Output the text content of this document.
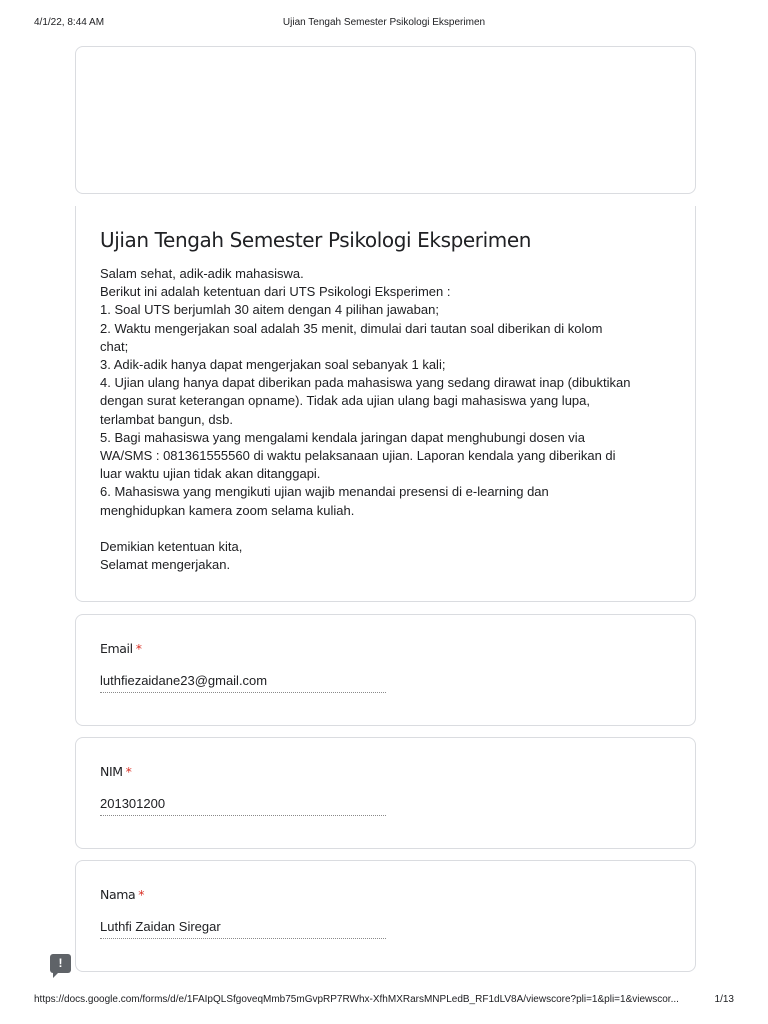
4/1/22, 8:44 AM	Ujian Tengah Semester Psikologi Eksperimen
Ujian Tengah Semester Psikologi Eksperimen
Salam sehat, adik-adik mahasiswa.
Berikut ini adalah ketentuan dari UTS Psikologi Eksperimen :
1. Soal UTS berjumlah 30 aitem dengan 4 pilihan jawaban;
2. Waktu mengerjakan soal adalah 35 menit, dimulai dari tautan soal diberikan di kolom
chat;
3. Adik-adik hanya dapat mengerjakan soal sebanyak 1 kali;
4. Ujian ulang hanya dapat diberikan pada mahasiswa yang sedang dirawat inap (dibuktikan
dengan surat keterangan opname). Tidak ada ujian ulang bagi mahasiswa yang lupa,
terlambat bangun, dsb.
5. Bagi mahasiswa yang mengalami kendala jaringan dapat menghubungi dosen via
WA/SMS : 081361555560 di waktu pelaksanaan ujian. Laporan kendala yang diberikan di
luar waktu ujian tidak akan ditanggapi.
6. Mahasiswa yang mengikuti ujian wajib menandai presensi di e-learning dan
menghidupkan kamera zoom selama kuliah.
Demikian ketentuan kita,
Selamat mengerjakan.
Email *
luthfiezaidane23@gmail.com
NIM *
201301200
Nama *
Luthfi Zaidan Siregar
!
https://docs.google.com/forms/d/e/1FAIpQLSfgoveqMmb75mGvpRP7RWhx-XfhMXRarsMNPLedB_RF1dLV8A/viewscore?pli=1&pli=1&viewscor...	1/13
